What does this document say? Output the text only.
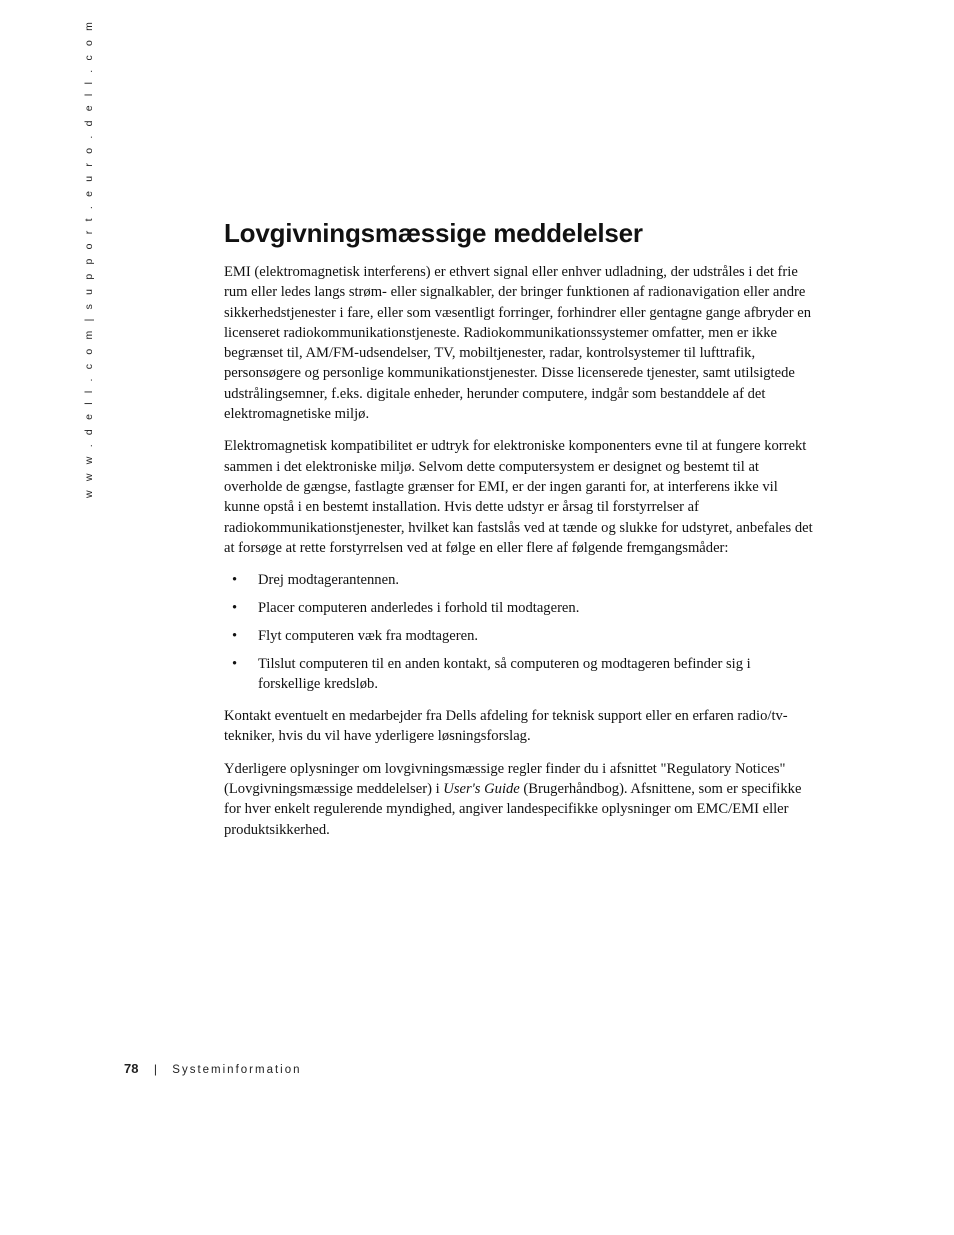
w w w . d e l l . c o m | s u p p o r t . e u r o . d e l l . c o m	Lovgivningsmæssige meddelelser

EMI (elektromagnetisk interferens) er ethvert signal eller enhver udladning, der udstråles i det frie rum eller ledes langs strøm- eller signalkabler, der bringer funktionen af radionavigation eller andre sikkerhedstjenester i fare, eller som væsentligt forringer, forhindrer eller gentagne gange afbryder en licenseret radiokommunikationstjeneste. Radiokommunikationssystemer omfatter, men er ikke begrænset til, AM/FM-udsendelser, TV, mobiltjenester, radar, kontrolsystemer til lufttrafik, personsøgere og personlige kommunikationstjenester. Disse licenserede tjenester, samt utilsigtede udstrålingsemner, f.eks. digitale enheder, herunder computere, indgår som bestanddele af det elektromagnetiske miljø.

Elektromagnetisk kompatibilitet er udtryk for elektroniske komponenters evne til at fungere korrekt sammen i det elektroniske miljø. Selvom dette computersystem er designet og bestemt til at overholde de gængse, fastlagte grænser for EMI, er der ingen garanti for, at interferens ikke vil kunne opstå i en bestemt installation. Hvis dette udstyr er årsag til forstyrrelser af radiokommunikationstjenester, hvilket kan fastslås ved at tænde og slukke for udstyret, anbefales det at forsøge at rette forstyrrelsen ved at følge en eller flere af følgende fremgangsmåder:

• Drej modtagerantennen.
• Placer computeren anderledes i forhold til modtageren.
• Flyt computeren væk fra modtageren.
• Tilslut computeren til en anden kontakt, så computeren og modtageren befinder sig i forskellige kredsløb.

Kontakt eventuelt en medarbejder fra Dells afdeling for teknisk support eller en erfaren radio/tv-tekniker, hvis du vil have yderligere løsningsforslag.

Yderligere oplysninger om lovgivningsmæssige regler finder du i afsnittet "Regulatory Notices" (Lovgivningsmæssige meddelelser) i User's Guide (Brugerhåndbog). Afsnittene, som er specifikke for hver enkelt regulerende myndighed, angiver landespecifikke oplysninger om EMC/EMI eller produktsikkerhed.

78 | Systeminformation
